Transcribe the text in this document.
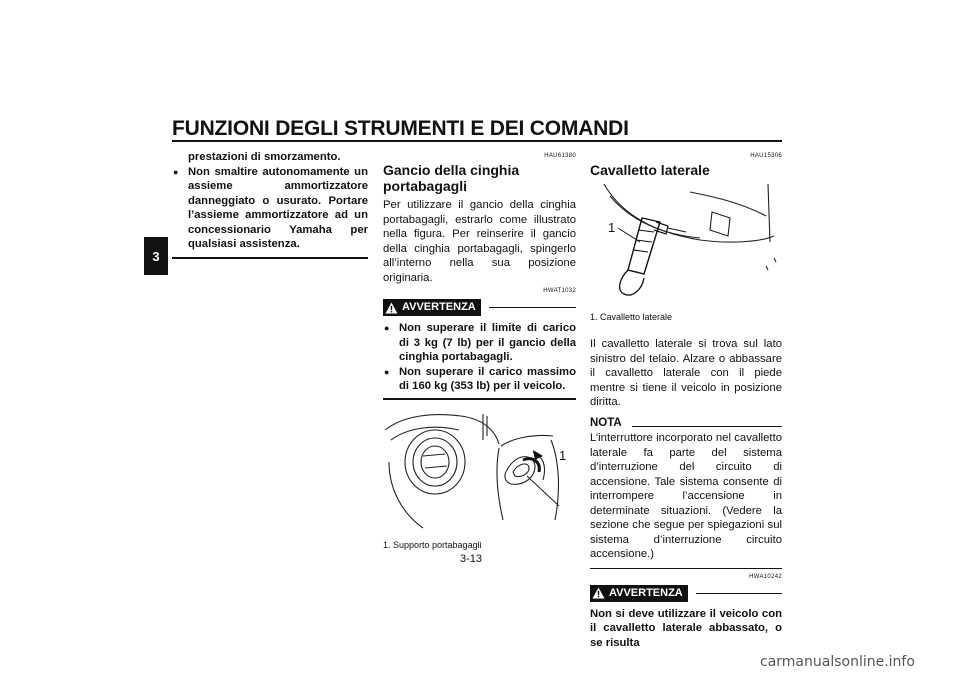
FUNZIONI DEGLI STRUMENTI E DEI COMANDI
3
prestazioni di smorzamento.
● Non smaltire autonomamente un assieme ammortizzatore danneggiato o usurato. Portare l’assieme ammortizzatore ad un concessionario Yamaha per qualsiasi assistenza.
HAU61380
Gancio della cinghia portabagagli
Per utilizzare il gancio della cinghia portabagagli, estrarlo come illustrato nella figura. Per reinserire il gancio della cinghia portabagagli, spingerlo all’interno nella sua posizione originaria.
HWAT1032
AVVERTENZA
● Non superare il limite di carico di 3 kg (7 lb) per il gancio della cinghia portabagagli.
● Non superare il carico massimo di 160 kg (353 lb) per il veicolo.
1
1. Supporto portabagagli
HAU15306
Cavalletto laterale
1
1. Cavalletto laterale
Il cavalletto laterale si trova sul lato sinistro del telaio. Alzare o abbassare il cavalletto laterale con il piede mentre si tiene il veicolo in posizione diritta.
NOTA
L’interruttore incorporato nel cavalletto laterale fa parte del sistema d’interruzione del circuito di accensione. Tale sistema consente di interrompere l’accensione in determinate situazioni. (Vedere la sezione che segue per spiegazioni sul sistema d’interruzione circuito accensione.)
HWA10242
AVVERTENZA
Non si deve utilizzare il veicolo con il cavalletto laterale abbassato, o se risulta
3-13
carmanualsonline.info
